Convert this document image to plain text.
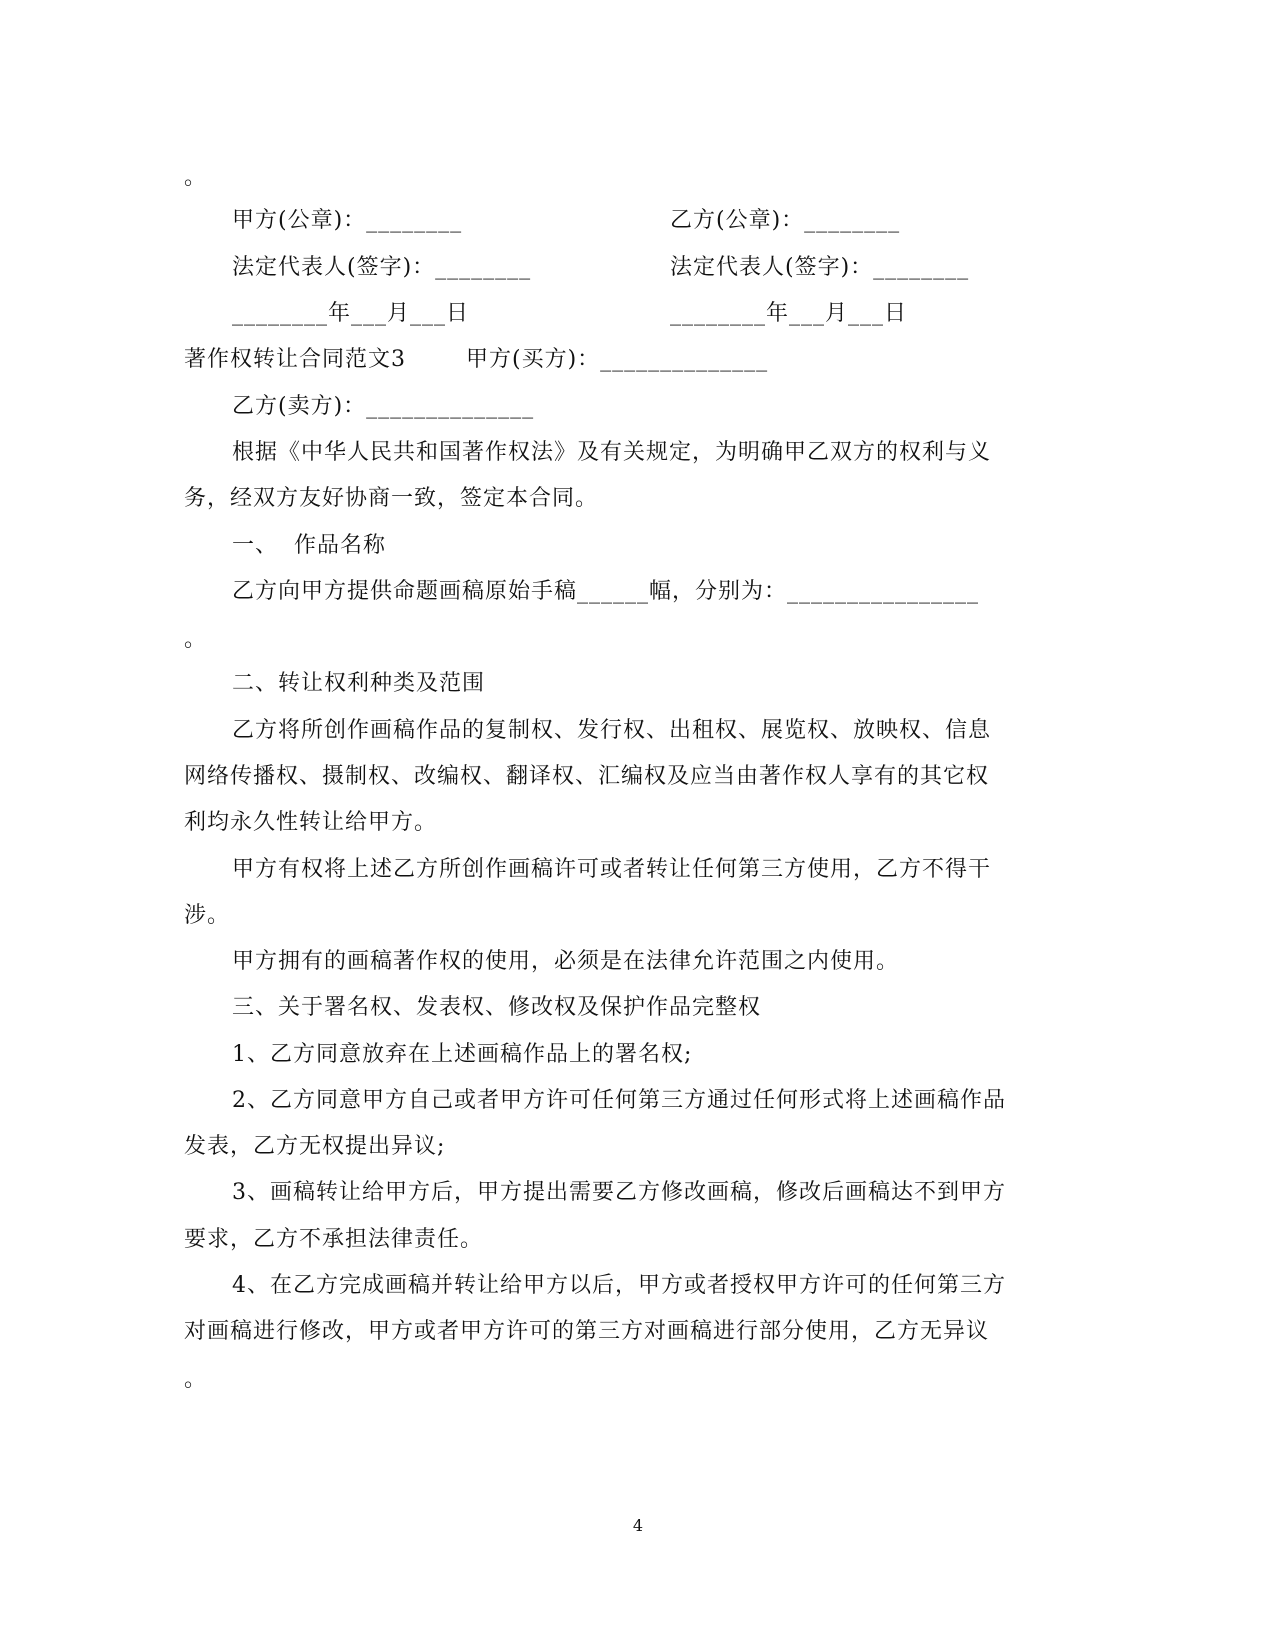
。
甲方(公章)：________	乙方(公章)：________
法定代表人(签字)：________	法定代表人(签字)：________
________年___月___日	________年___月___日
著作权转让合同范文3	甲方(买方)：______________
乙方(卖方)：______________
根据《中华人民共和国著作权法》及有关规定，为明确甲乙双方的权利与义
务，经双方友好协商一致，签定本合同。
一、  作品名称
乙方向甲方提供命题画稿原始手稿______幅，分别为：________________
。
二、转让权利种类及范围
乙方将所创作画稿作品的复制权、发行权、出租权、展览权、放映权、信息
网络传播权、摄制权、改编权、翻译权、汇编权及应当由著作权人享有的其它权
利均永久性转让给甲方。
甲方有权将上述乙方所创作画稿许可或者转让任何第三方使用，乙方不得干
涉。
甲方拥有的画稿著作权的使用，必须是在法律允许范围之内使用。
三、关于署名权、发表权、修改权及保护作品完整权
1、乙方同意放弃在上述画稿作品上的署名权;
2、乙方同意甲方自己或者甲方许可任何第三方通过任何形式将上述画稿作品
发表，乙方无权提出异议;
3、画稿转让给甲方后，甲方提出需要乙方修改画稿，修改后画稿达不到甲方
要求，乙方不承担法律责任。
4、在乙方完成画稿并转让给甲方以后，甲方或者授权甲方许可的任何第三方
对画稿进行修改，甲方或者甲方许可的第三方对画稿进行部分使用，乙方无异议
。
4
